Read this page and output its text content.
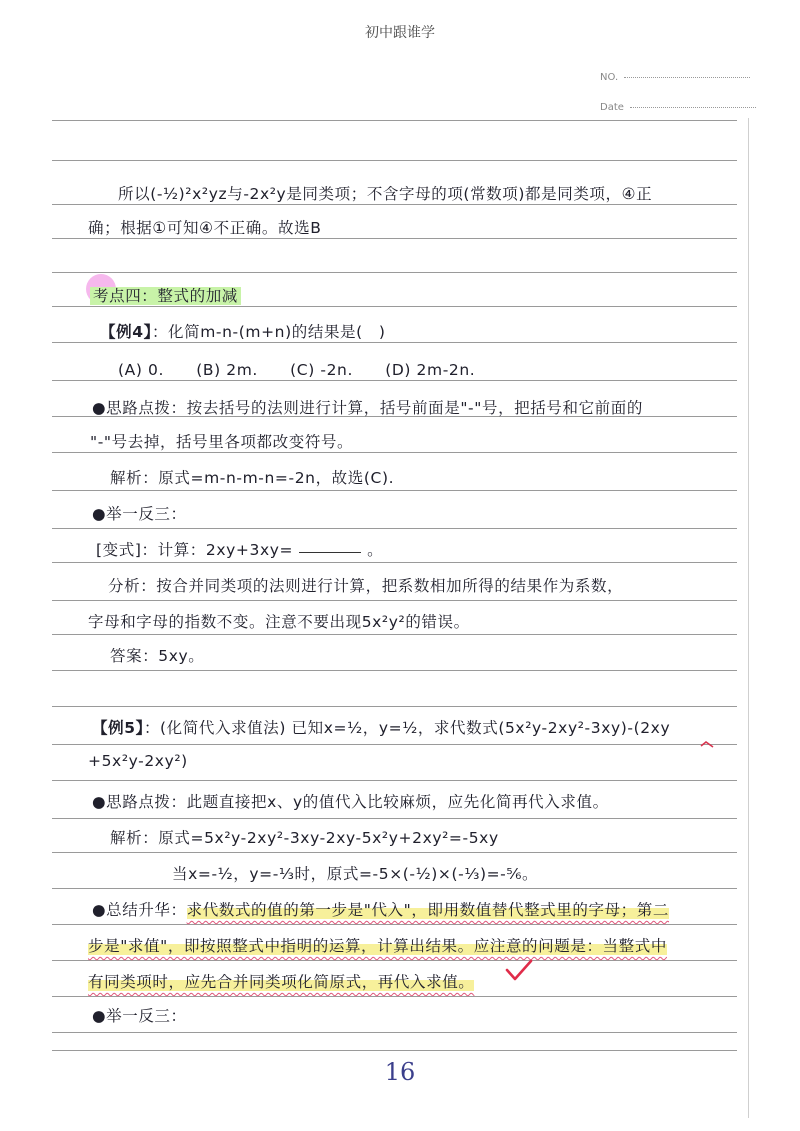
初中跟谁学
NO.
Date
所以(-½)²x²yz与-2x²y是同类项；不含字母的项(常数项)都是同类项，④正
确；根据①可知④不正确。故选B
考点四：整式的加减
【例4】：化简m-n-(m+n)的结果是(　)
(A) 0.　　(B) 2m.　　(C) -2n.　　(D) 2m-2n.
●思路点拨：按去括号的法则进行计算，括号前面是"-"号，把括号和它前面的
"-"号去掉，括号里各项都改变符号。
解析：原式=m-n-m-n=-2n，故选(C).
●举一反三：
[变式]：计算：2xy+3xy=	。
分析：按合并同类项的法则进行计算，把系数相加所得的结果作为系数，
字母和字母的指数不变。注意不要出现5x²y²的错误。
答案：5xy。
【例5】：(化简代入求值法) 已知x=½，y=½，求代数式(5x²y-2xy²-3xy)-(2xy
+5x²y-2xy²)
●思路点拨：此题直接把x、y的值代入比较麻烦，应先化简再代入求值。
解析：原式=5x²y-2xy²-3xy-2xy-5x²y+2xy²=-5xy
当x=-½，y=-⅓时，原式=-5×(-½)×(-⅓)=-⅚。
●总结升华：求代数式的值的第一步是"代入"，即用数值替代整式里的字母；第二
步是"求值"，即按照整式中指明的运算，计算出结果。应注意的问题是：当整式中
有同类项时，应先合并同类项化简原式，再代入求值。
●举一反三：
16
